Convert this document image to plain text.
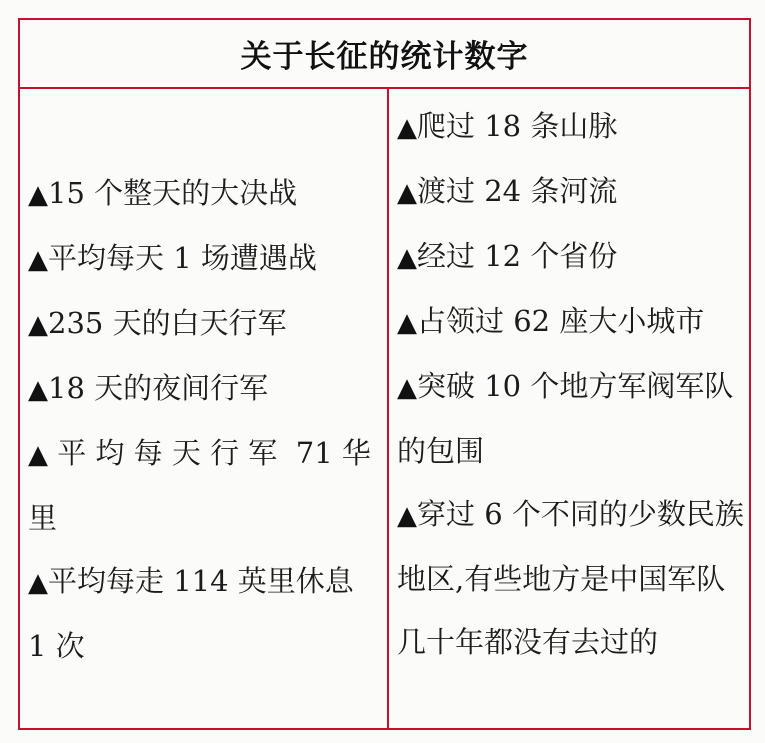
关于长征的统计数字

▲15 个整天的大决战

▲平均每天 1 场遭遇战

▲235 天的白天行军

▲18 天的夜间行军

▲ 平 均 每 天 行 军  71 华里

▲平均每走 114 英里休息 1 次

▲爬过 18 条山脉

▲渡过 24 条河流

▲经过 12 个省份

▲占领过 62 座大小城市

▲突破 10 个地方军阀军队的包围

▲穿过 6 个不同的少数民族地区,有些地方是中国军队几十年都没有去过的
